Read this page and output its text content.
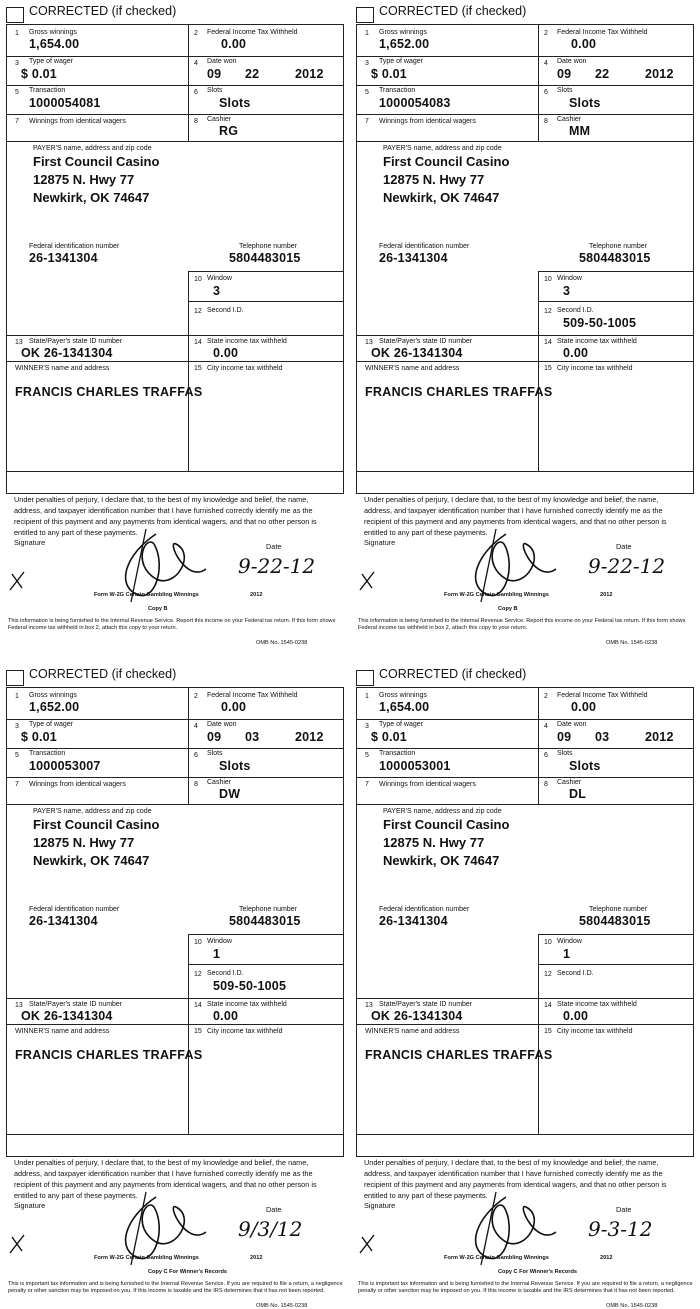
CORRECTED (if checked)
1 Gross winnings
1,654.00
2 Federal Income Tax Withheld
0.00
3 Type of wager
$ 0.01
4 Date won
09 22	2012
5 Transaction
1000054081
6 Slots
Slots
7 Winnings from identical wagers	8 Cashier
RG
PAYER'S name, address and zip code
First Council Casino
12875 N. Hwy 77
Newkirk, OK 74647
Federal identification number
26-1341304
Telephone number
5804483015
10 Window
3
12 Second I.D.
13 State/Payer's state ID number
OK 26-1341304
14 State income tax withheld
0.00
WINNER'S name and address	15 City income tax withheld
FRANCIS CHARLES TRAFFAS
Under penalties of perjury, I declare that, to the best of my knowledge and belief, the name, address, and taxpayer identification number that I have furnished correctly identify me as the recipient of this payment and any payments from identical wagers, and that no other person is entitled to any part of these payments.
Signature	Date
9-22-12
Form W-2G Certain Gambling Winnings	2012
Copy B
This information is being furnished to the Internal Revenue Service. Report this income on your Federal tax return. If this form shows Federal income tax withheld in box 2, attach this copy to your return.
OMB No. 1545-0238
CORRECTED (if checked)
1 Gross winnings
1,652.00
2 Federal Income Tax Withheld
0.00
3 Type of wager
$ 0.01
4 Date won
09 22	2012
5 Transaction
1000054083
6 Slots
Slots
7 Winnings from identical wagers	8 Cashier
MM
PAYER'S name, address and zip code
First Council Casino
12875 N. Hwy 77
Newkirk, OK 74647
Federal identification number
26-1341304
Telephone number
5804483015
10 Window
3
12 Second I.D.
509-50-1005
13 State/Payer's state ID number
OK 26-1341304
14 State income tax withheld
0.00
WINNER'S name and address	15 City income tax withheld
FRANCIS CHARLES TRAFFAS
Under penalties of perjury, I declare that, to the best of my knowledge and belief, the name, address, and taxpayer identification number that I have furnished correctly identify me as the recipient of this payment and any payments from identical wagers, and that no other person is entitled to any part of these payments.
Signature	Date
9-22-12
Form W-2G Certain Gambling Winnings	2012
Copy B
This information is being furnished to the Internal Revenue Service. Report this income on your Federal tax return. If this form shows Federal income tax withheld in box 2, attach this copy to your return.
OMB No. 1545-0238
CORRECTED (if checked)
1 Gross winnings
1,652.00
2 Federal Income Tax Withheld
0.00
3 Type of wager
$ 0.01
4 Date won
09 03	2012
5 Transaction
1000053007
6 Slots
Slots
7 Winnings from identical wagers	8 Cashier
DW
PAYER'S name, address and zip code
First Council Casino
12875 N. Hwy 77
Newkirk, OK 74647
Federal identification number
26-1341304
Telephone number
5804483015
10 Window
1
12 Second I.D.
509-50-1005
13 State/Payer's state ID number
OK 26-1341304
14 State income tax withheld
0.00
WINNER'S name and address	15 City income tax withheld
FRANCIS CHARLES TRAFFAS
Under penalties of perjury, I declare that, to the best of my knowledge and belief, the name, address, and taxpayer identification number that I have furnished correctly identify me as the recipient of this payment and any payments from identical wagers, and that no other person is entitled to any part of these payments.
Signature	Date
9/3/12
Form W-2G Certain Gambling Winnings	2012
Copy C For Winner's Records
This is important tax information and is being furnished to the Internal Revenue Service. If you are required to file a return, a negligence penalty or other sanction may be imposed on you. If this income is taxable and the IRS determines that it has not been reported.
OMB No. 1545-0238
CORRECTED (if checked)
1 Gross winnings
1,654.00
2 Federal Income Tax Withheld
0.00
3 Type of wager
$ 0.01
4 Date won
09 03	2012
5 Transaction
1000053001
6 Slots
Slots
7 Winnings from identical wagers	8 Cashier
DL
PAYER'S name, address and zip code
First Council Casino
12875 N. Hwy 77
Newkirk, OK 74647
Federal identification number
26-1341304
Telephone number
5804483015
10 Window
1
12 Second I.D.
13 State/Payer's state ID number
OK 26-1341304
14 State income tax withheld
0.00
WINNER'S name and address	15 City income tax withheld
FRANCIS CHARLES TRAFFAS
Under penalties of perjury, I declare that, to the best of my knowledge and belief, the name, address, and taxpayer identification number that I have furnished correctly identify me as the recipient of this payment and any payments from identical wagers, and that no other person is entitled to any part of these payments.
Signature	Date
9-3-12
Form W-2G Certain Gambling Winnings	2012
Copy C For Winner's Records
This is important tax information and is being furnished to the Internal Revenue Service. If you are required to file a return, a negligence penalty or other sanction may be imposed on you. If this income is taxable and the IRS determines that it has not been reported.
OMB No. 1545-0238
